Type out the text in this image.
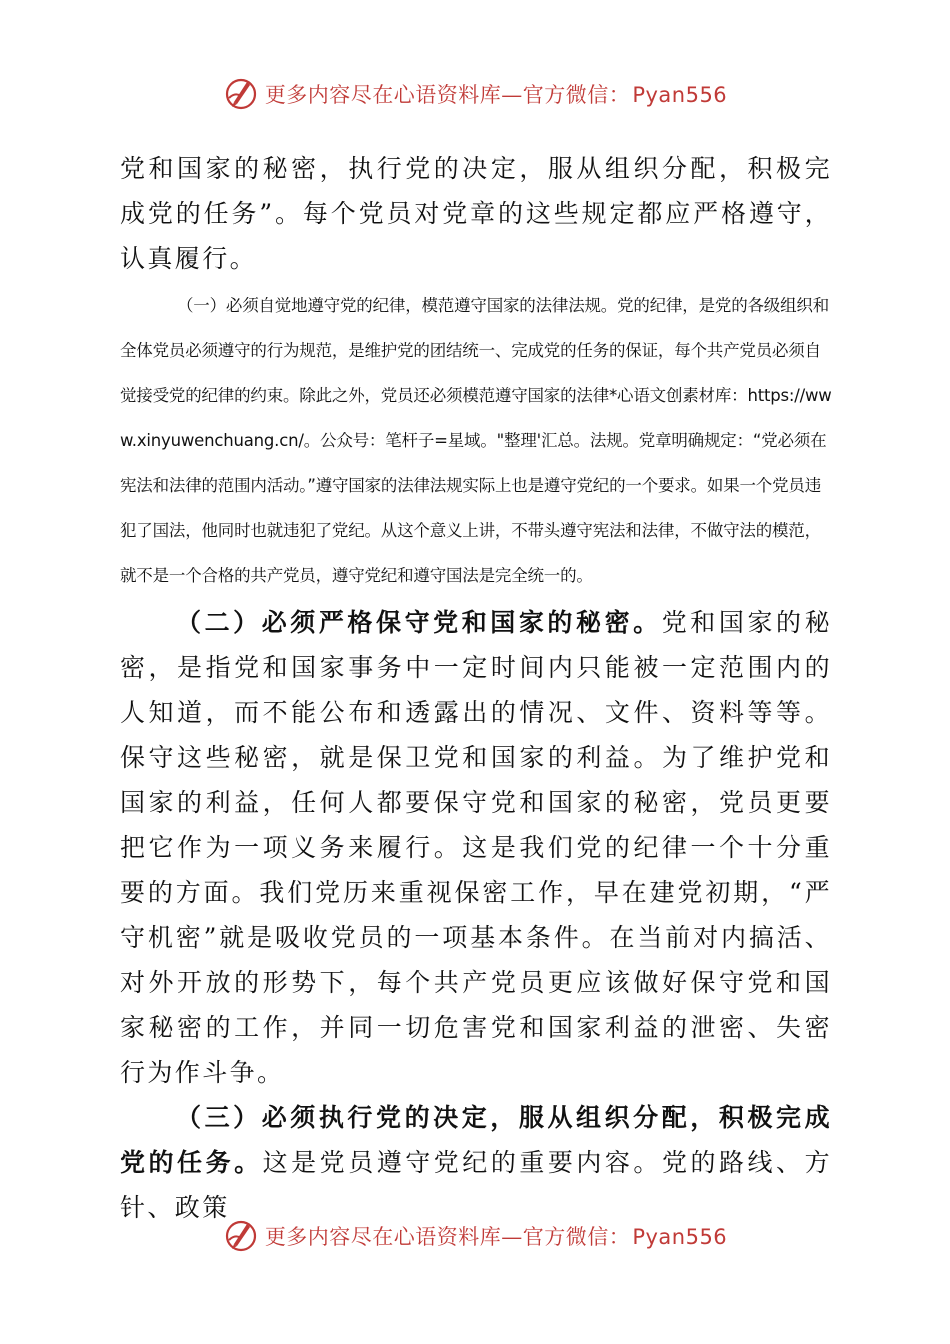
更多内容尽在心语资料库—官方微信：Pyan556

党和国家的秘密，执行党的决定，服从组织分配，积极完成党的任务”。每个党员对党章的这些规定都应严格遵守，认真履行。

（一）必须自觉地遵守党的纪律，模范遵守国家的法律法规。党的纪律，是党的各级组织和全体党员必须遵守的行为规范，是维护党的团结统一、完成党的任务的保证，每个共产党员必须自觉接受党的纪律的约束。除此之外，党员还必须模范遵守国家的法律*心语文创素材库：https://www.xinyuwenchuang.cn/。公众号：笔杆子=星域。"整理'汇总。法规。党章明确规定：“党必须在宪法和法律的范围内活动。”遵守国家的法律法规实际上也是遵守党纪的一个要求。如果一个党员违犯了国法，他同时也就违犯了党纪。从这个意义上讲，不带头遵守宪法和法律，不做守法的模范，就不是一个合格的共产党员，遵守党纪和遵守国法是完全统一的。

（二）必须严格保守党和国家的秘密。党和国家的秘密，是指党和国家事务中一定时间内只能被一定范围内的人知道，而不能公布和透露出的情况、文件、资料等等。保守这些秘密，就是保卫党和国家的利益。为了维护党和国家的利益，任何人都要保守党和国家的秘密，党员更要把它作为一项义务来履行。这是我们党的纪律一个十分重要的方面。我们党历来重视保密工作，早在建党初期，“严守机密”就是吸收党员的一项基本条件。在当前对内搞活、对外开放的形势下，每个共产党员更应该做好保守党和国家秘密的工作，并同一切危害党和国家利益的泄密、失密行为作斗争。

（三）必须执行党的决定，服从组织分配，积极完成党的任务。这是党员遵守党纪的重要内容。党的路线、方针、政策

更多内容尽在心语资料库—官方微信：Pyan556
